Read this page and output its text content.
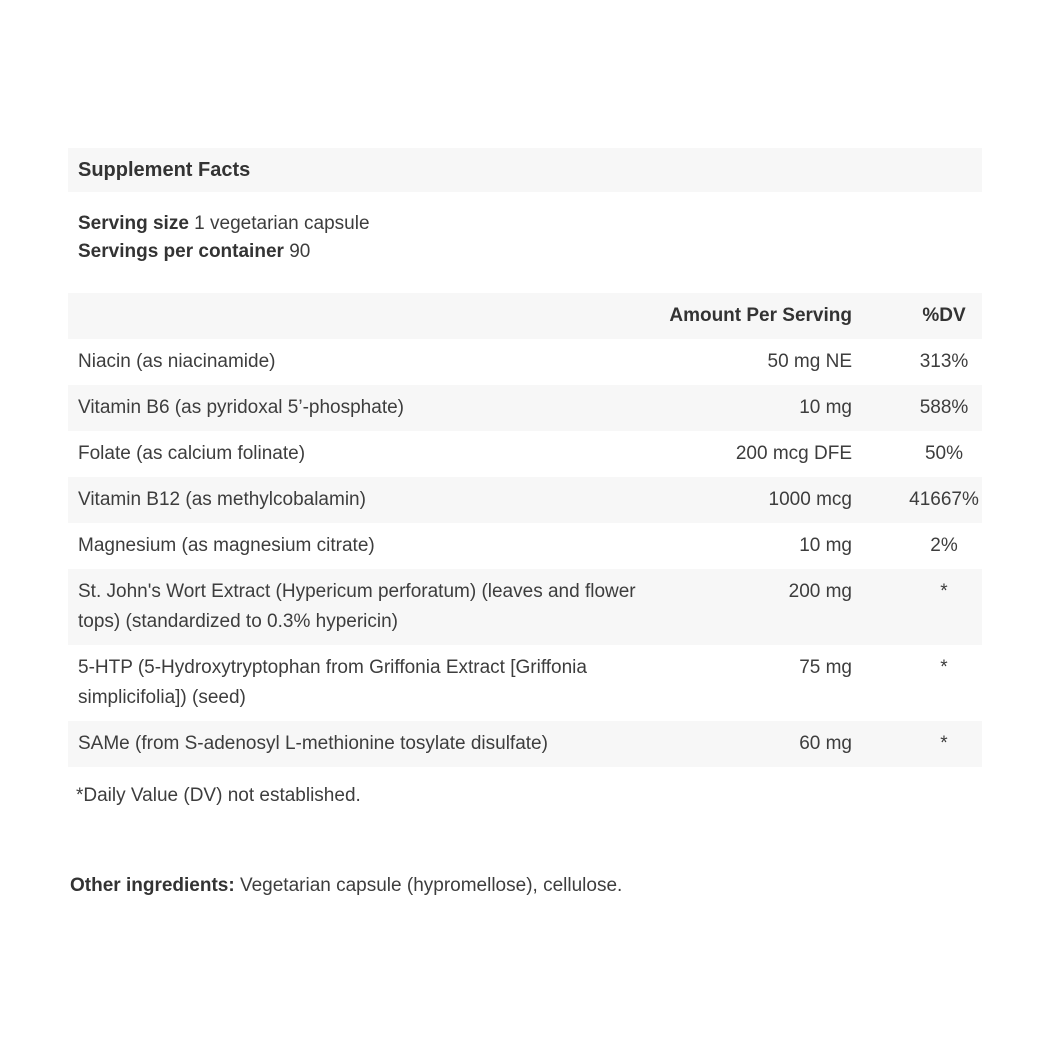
Supplement Facts
Serving size 1 vegetarian capsule
Servings per container 90
	Amount Per Serving	%DV
Niacin (as niacinamide)	50 mg NE	313%
Vitamin B6 (as pyridoxal 5’-phosphate)	10 mg	588%
Folate (as calcium folinate)	200 mcg DFE	50%
Vitamin B12 (as methylcobalamin)	1000 mcg	41667%
Magnesium (as magnesium citrate)	10 mg	2%
St. John's Wort Extract (Hypericum perforatum) (leaves and flower tops) (standardized to 0.3% hypericin)	200 mg	*
5-HTP (5-Hydroxytryptophan from Griffonia Extract [Griffonia simplicifolia]) (seed)	75 mg	*
SAMe (from S-adenosyl L-methionine tosylate disulfate)	60 mg	*
*Daily Value (DV) not established.
Other ingredients: Vegetarian capsule (hypromellose), cellulose.
